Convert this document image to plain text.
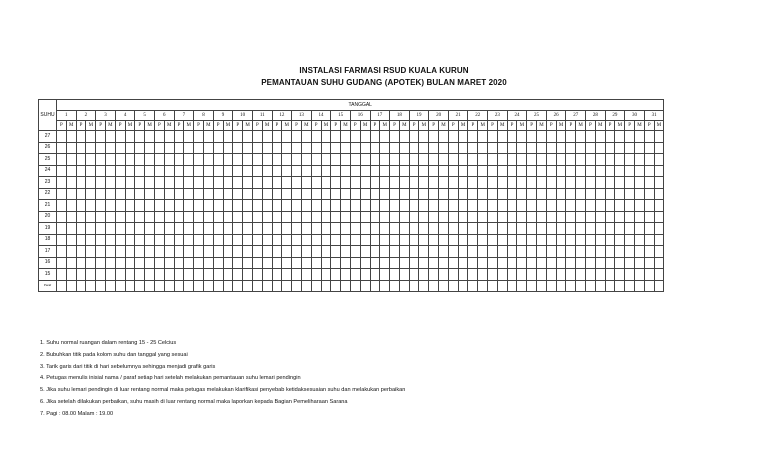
INSTALASI FARMASI RSUD KUALA KURUN
PEMANTAUAN SUHU GUDANG (APOTEK) BULAN MARET 2020
SUHU	TANGGAL																																																													
	1		2		3		4		5		6		7		8		9		10		11		12		13		14		15		16		17		18		19		20		21		22		23		24		25		26		27		28		29		30		31	
	P	M	P	M	P	M	P	M	P	M	P	M	P	M	P	M	P	M	P	M	P	M	P	M	P	M	P	M	P	M	P	M	P	M	P	M	P	M	P	M	P	M	P	M	P	M	P	M	P	M	P	M	P	M	P	M	P	M	P	M	P	M
27																																																														
26																																																														
25																																																														
24																																																														
23																																																														
22																																																														
21																																																														
20																																																														
19																																																														
18																																																														
17																																																														
16																																																														
15																																																														
Paraf																																																														
1. Suhu normal ruangan dalam rentang 15 - 25 Celcius
2. Bubuhkan titik pada kolom suhu dan tanggal yang sesuai
3. Tarik garis dari titik di hari sebelumnya sehingga menjadi grafik garis
4. Petugas menulis inisial nama / paraf setiap hari setelah melakukan pemantauan suhu lemari pendingin
5. Jika suhu lemari pendingin di luar rentang normal maka petugas melakukan klarifikasi penyebab ketidaksesuaian suhu dan melakukan perbaikan
6. Jika setelah dilakukan perbaikan, suhu masih di luar rentang normal maka laporkan kepada Bagian Pemeliharaan Sarana
7. Pagi : 08.00 Malam : 19.00
